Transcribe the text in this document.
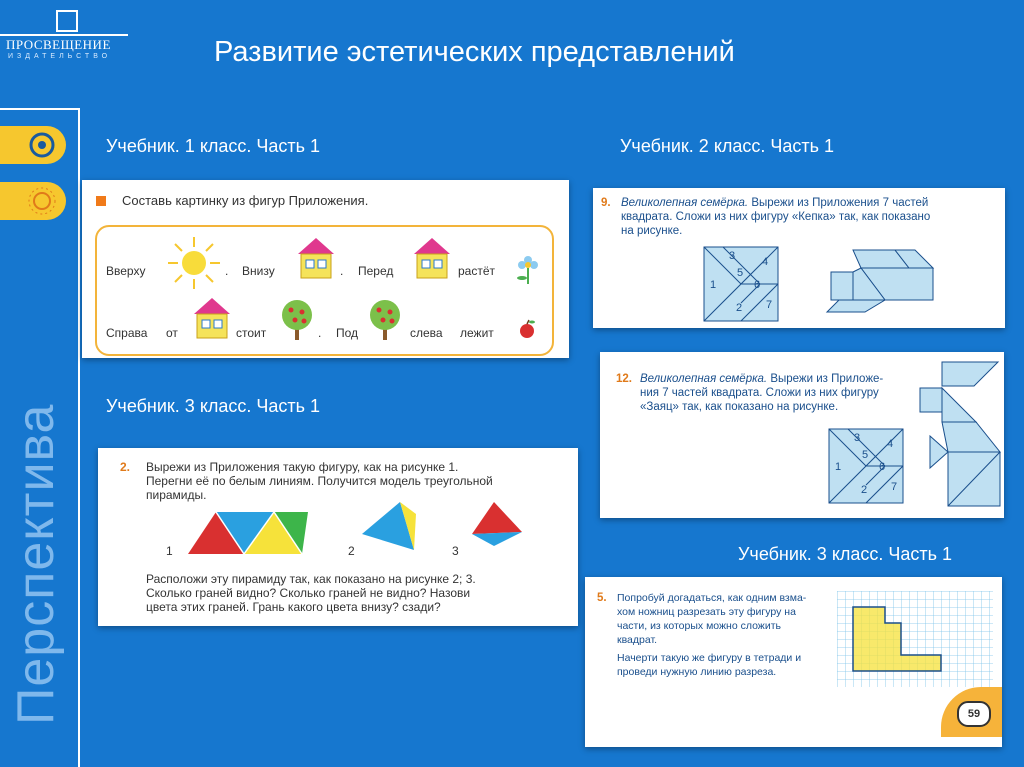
ПРОСВЕЩЕНИЕ
ИЗДАТЕЛЬСТВО	Развитие эстетических представлений
Перспектива
Учебник. 1 класс. Часть 1	Учебник. 2 класс. Часть 1
Учебник. 3 класс. Часть 1
Учебник. 3 класс. Часть 1
Составь картинку из фигур Приложения.
Вверху	. Внизу	. Перед	растёт
Справа от	стоит	. Под	слева лежит
9. Великолепная семёрка. Вырежи из Приложения 7 частей
квадрата. Сложи из них фигуру «Кепка» так, как показано
на рисунке.
3 4
5
1	6
2 7
12. Великолепная семёрка. Вырежи из Приложе-
ния 7 частей квадрата. Сложи из них фигуру
«Заяц» так, как показано на рисунке.
3 4
5
1	6
2 7
2. Вырежи из Приложения такую фигуру, как на рисунке 1.
Перегни её по белым линиям. Получится модель треугольной
пирамиды.
1	2	3
Расположи эту пирамиду так, как показано на рисунке 2; 3.
Сколько граней видно? Сколько граней не видно? Назови
цвета этих граней. Грань какого цвета внизу? сзади?
5. Попробуй догадаться, как одним взма-
хом ножниц разрезать эту фигуру на
части, из которых можно сложить
квадрат.
Начерти такую же фигуру в тетради и
проведи нужную линию разреза.
59
